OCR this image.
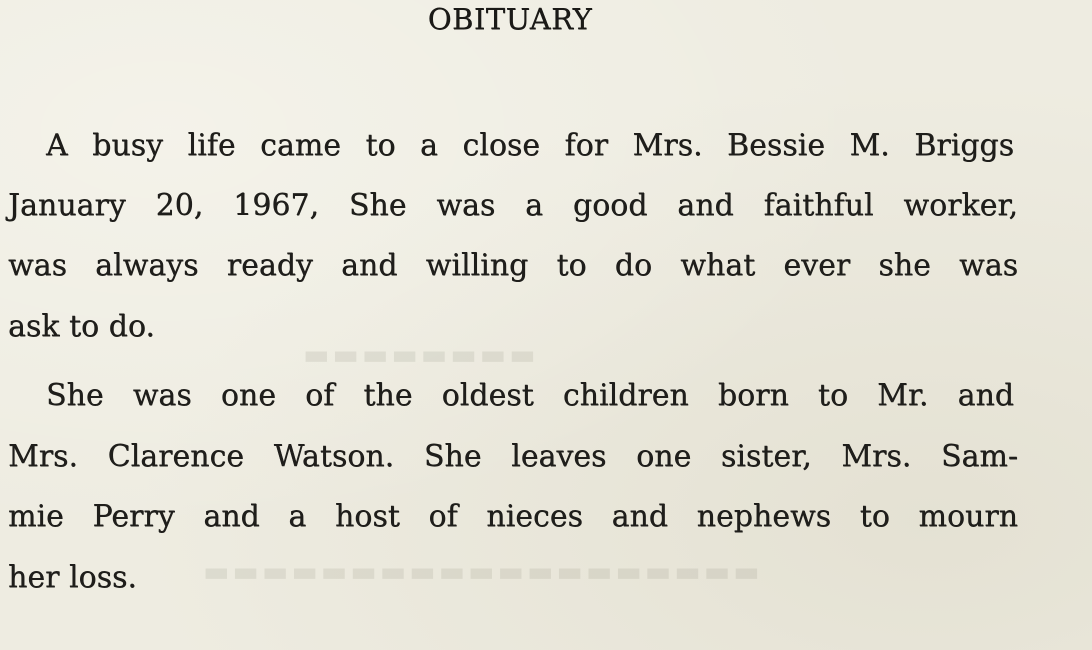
▬▬▬▬▬▬▬▬
▬▬▬▬▬▬▬▬▬▬▬▬▬▬▬▬▬▬▬
OBITUARY
A busy life came to a close for Mrs. Bessie M. Briggs
January 20, 1967, She was a good and faithful worker,
was always ready and willing to do what ever she was
ask to do.
She was one of the oldest children born to Mr. and
Mrs. Clarence Watson. She leaves one sister, Mrs. Sam-
mie Perry and a host of nieces and nephews to mourn
her loss.
